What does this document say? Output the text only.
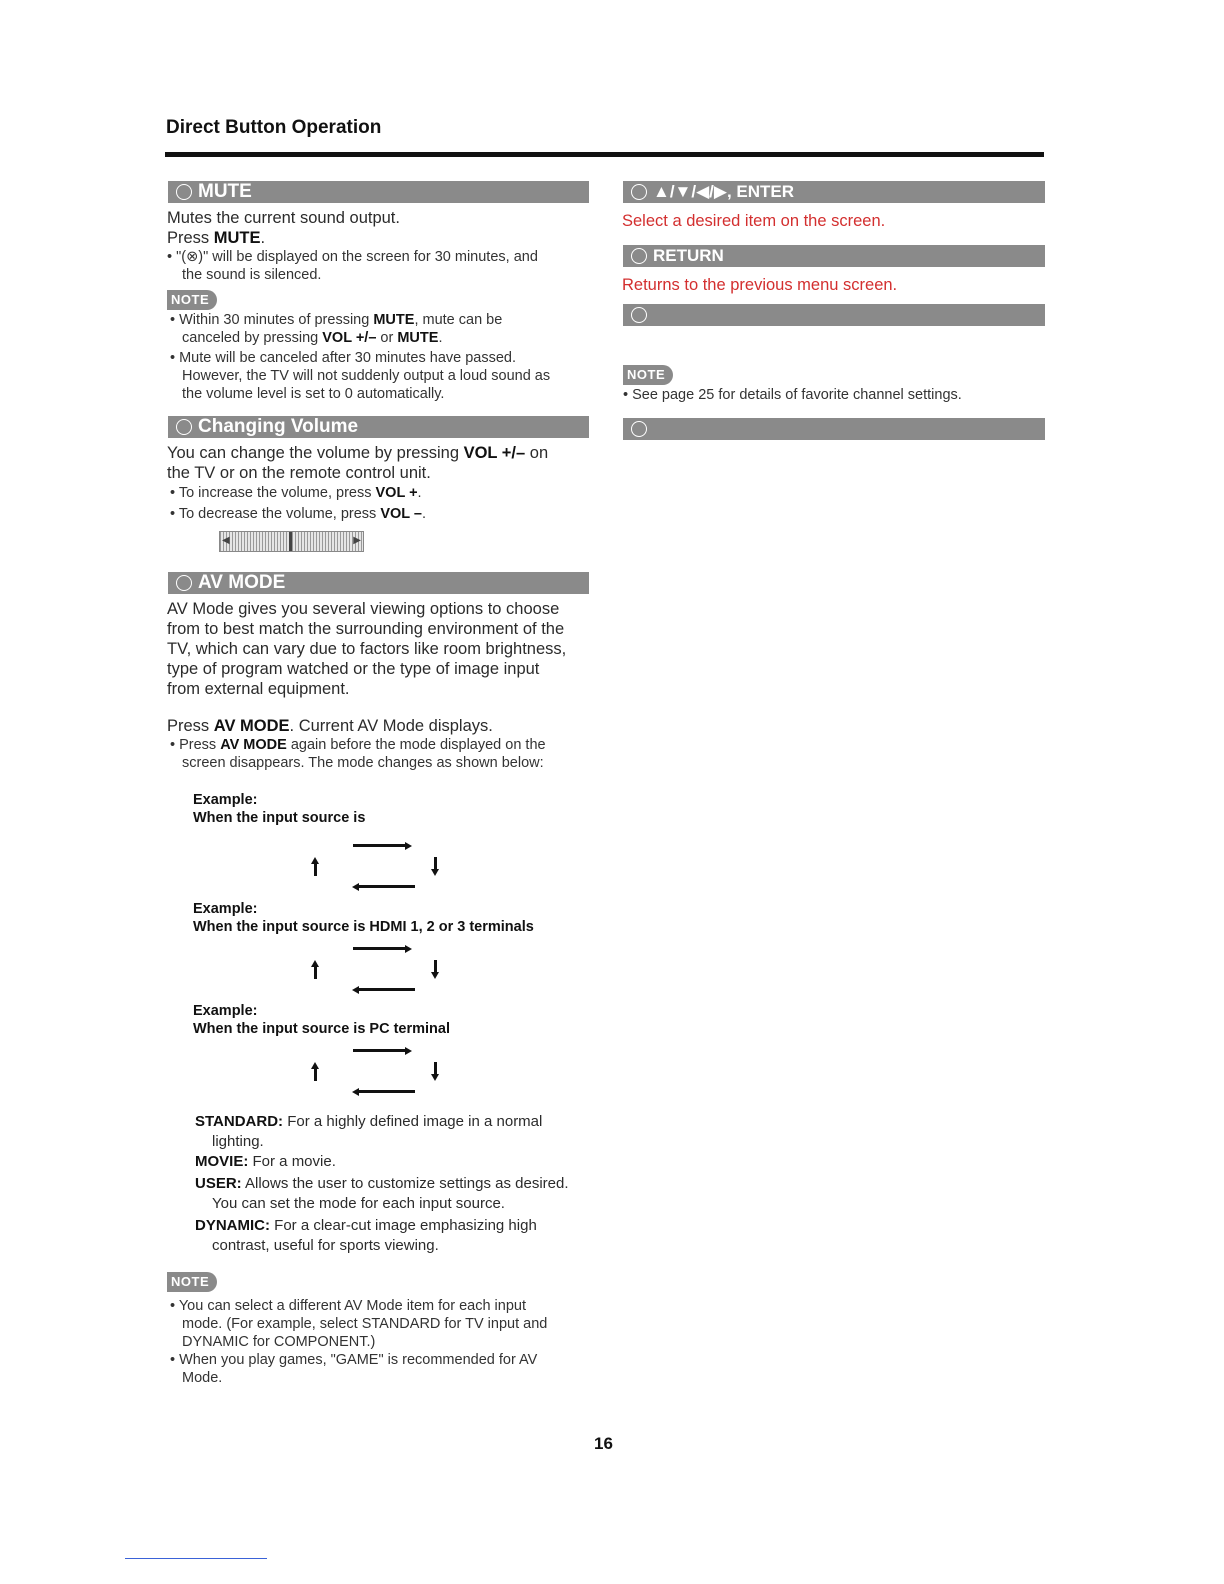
Direct Button Operation
MUTE
Mutes the current sound output.
Press MUTE.
• "(⊗)" will be displayed on the screen for 30 minutes, and
the sound is silenced.
NOTE
• Within 30 minutes of pressing MUTE, mute can be
canceled by pressing VOL +/– or MUTE.
• Mute will be canceled after 30 minutes have passed.
However, the TV will not suddenly output a loud sound as
the volume level is set to 0 automatically.
Changing Volume
You can change the volume by pressing VOL +/– on
the TV or on the remote control unit.
• To increase the volume, press VOL +.
• To decrease the volume, press VOL –.
◀	▶
AV MODE
AV Mode gives you several viewing options to choose
from to best match the surrounding environment of the
TV, which can vary due to factors like room brightness,
type of program watched or the type of image input
from external equipment.
Press AV MODE. Current AV Mode displays.
• Press AV MODE again before the mode displayed on the
screen disappears. The mode changes as shown below:
Example:
When the input source is
Example:
When the input source is HDMI 1, 2 or 3 terminals
Example:
When the input source is PC terminal
STANDARD: For a highly defined image in a normal
lighting.
MOVIE: For a movie.
USER: Allows the user to customize settings as desired.
You can set the mode for each input source.
DYNAMIC: For a clear-cut image emphasizing high
contrast, useful for sports viewing.
NOTE
• You can select a different AV Mode item for each input
mode. (For example, select STANDARD for TV input and
DYNAMIC for COMPONENT.)
• When you play games, "GAME" is recommended for AV
Mode.
▲/▼/◀/▶, ENTER
Select a desired item on the screen.
RETURN
Returns to the previous menu screen.
NOTE
• See page 25 for details of favorite channel settings.
16
